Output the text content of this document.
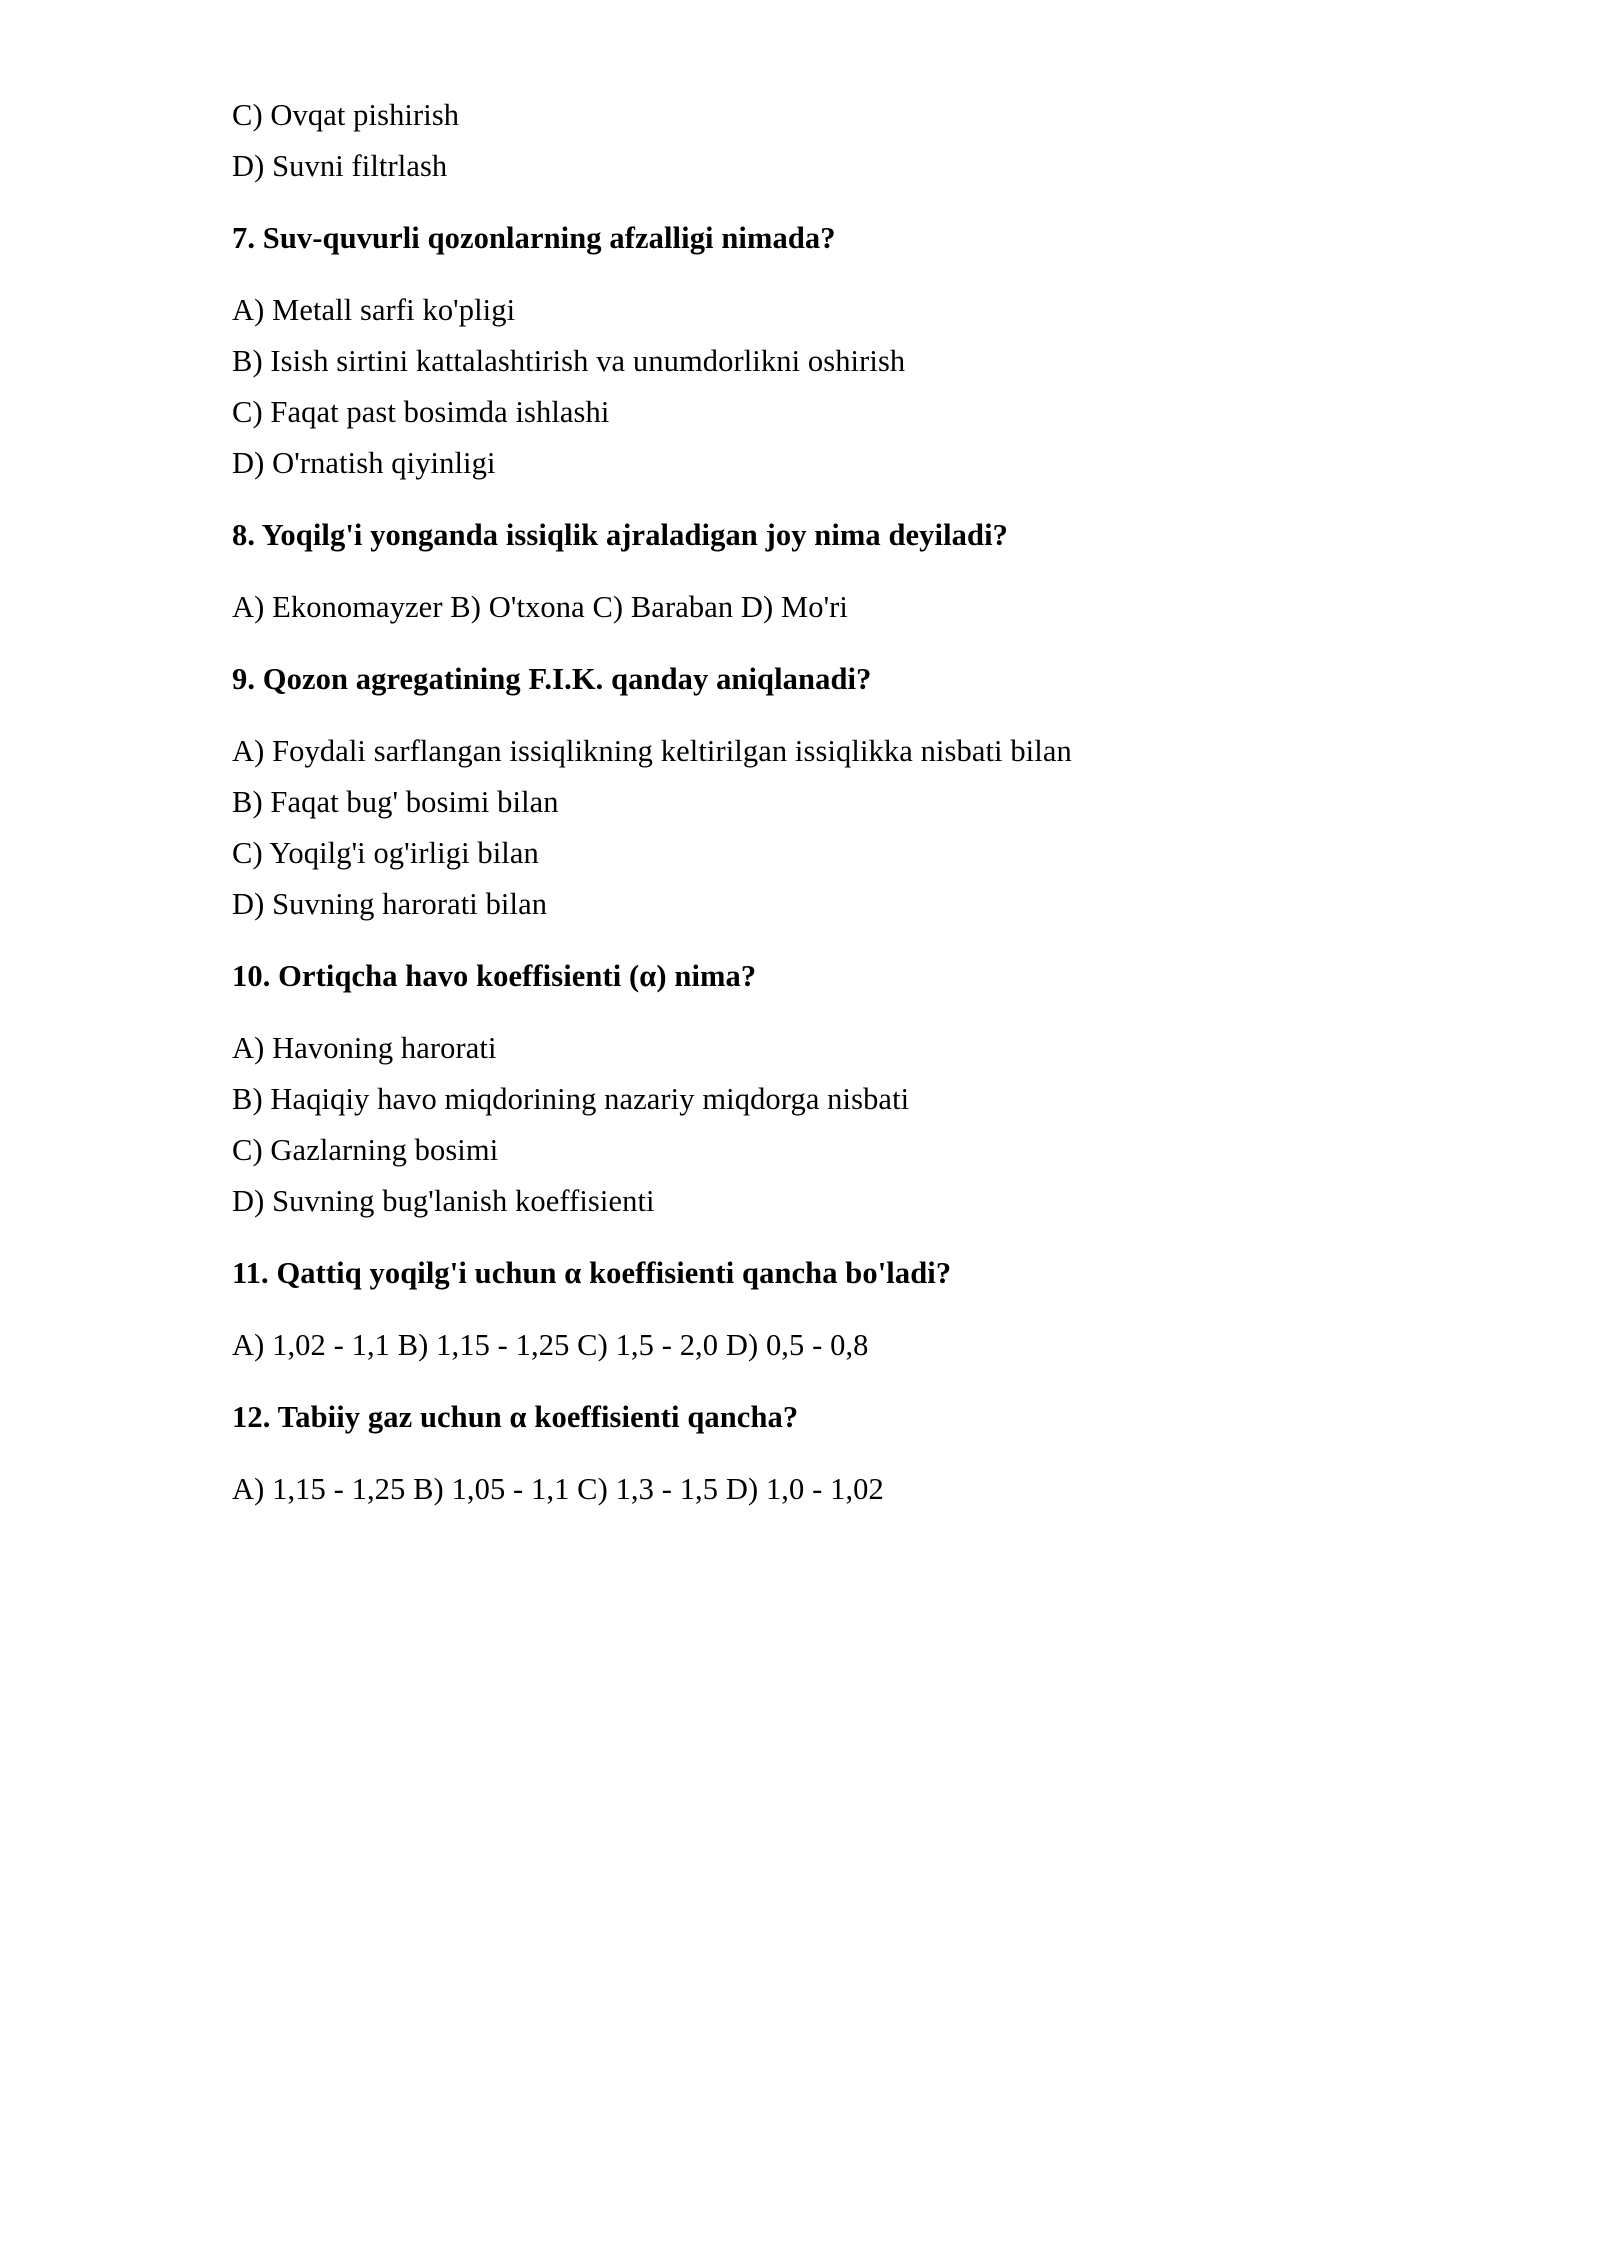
C) Ovqat pishirish

D) Suvni filtrlash

7. Suv-quvurli qozonlarning afzalligi nimada?

A) Metall sarfi ko'pligi

B) Isish sirtini kattalashtirish va unumdorlikni oshirish

C) Faqat past bosimda ishlashi

D) O'rnatish qiyinligi

8. Yoqilg'i yonganda issiqlik ajraladigan joy nima deyiladi?

A) Ekonomayzer B) O'txona C) Baraban D) Mo'ri

9. Qozon agregatining F.I.K. qanday aniqlanadi?

A) Foydali sarflangan issiqlikning keltirilgan issiqlikka nisbati bilan

B) Faqat bug' bosimi bilan

C) Yoqilg'i og'irligi bilan

D) Suvning harorati bilan

10. Ortiqcha havo koeffisienti (α) nima?

A) Havoning harorati

B) Haqiqiy havo miqdorining nazariy miqdorga nisbati

C) Gazlarning bosimi

D) Suvning bug'lanish koeffisienti

11. Qattiq yoqilg'i uchun α koeffisienti qancha bo'ladi?

A) 1,02 - 1,1 B) 1,15 - 1,25 C) 1,5 - 2,0 D) 0,5 - 0,8

12. Tabiiy gaz uchun α koeffisienti qancha?

A) 1,15 - 1,25 B) 1,05 - 1,1 C) 1,3 - 1,5 D) 1,0 - 1,02
